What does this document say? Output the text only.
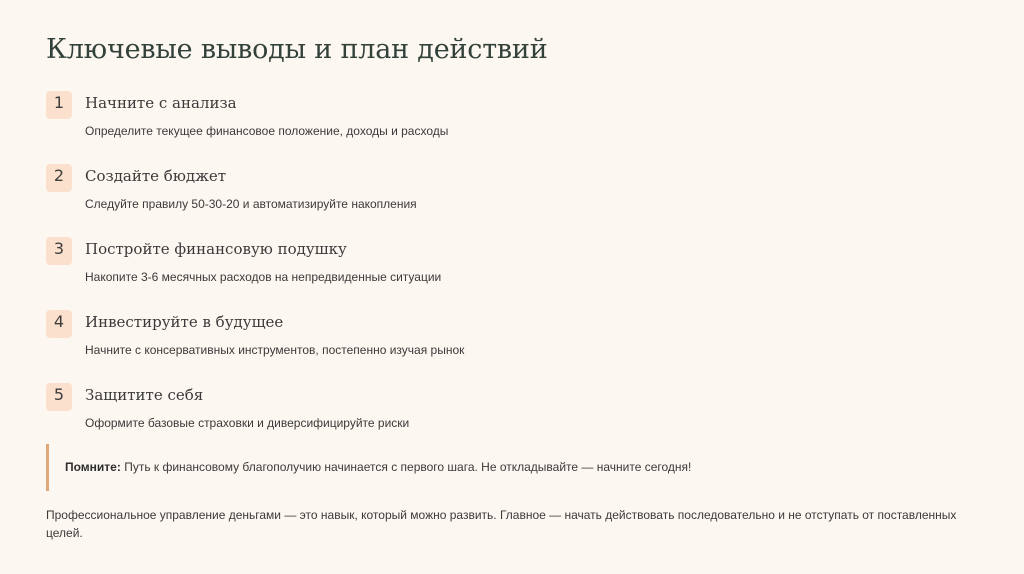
Ключевые выводы и план действий
1	Начните с анализа
Определите текущее финансовое положение, доходы и расходы
2	Создайте бюджет
Следуйте правилу 50-30-20 и автоматизируйте накопления
3	Постройте финансовую подушку
Накопите 3-6 месячных расходов на непредвиденные ситуации
4	Инвестируйте в будущее
Начните с консервативных инструментов, постепенно изучая рынок
5	Защитите себя
Оформите базовые страховки и диверсифицируйте риски
Помните: Путь к финансовому благополучию начинается с первого шага. Не откладывайте — начните сегодня!
Профессиональное управление деньгами — это навык, который можно развить. Главное — начать действовать последовательно и не отступать от поставленных целей.
